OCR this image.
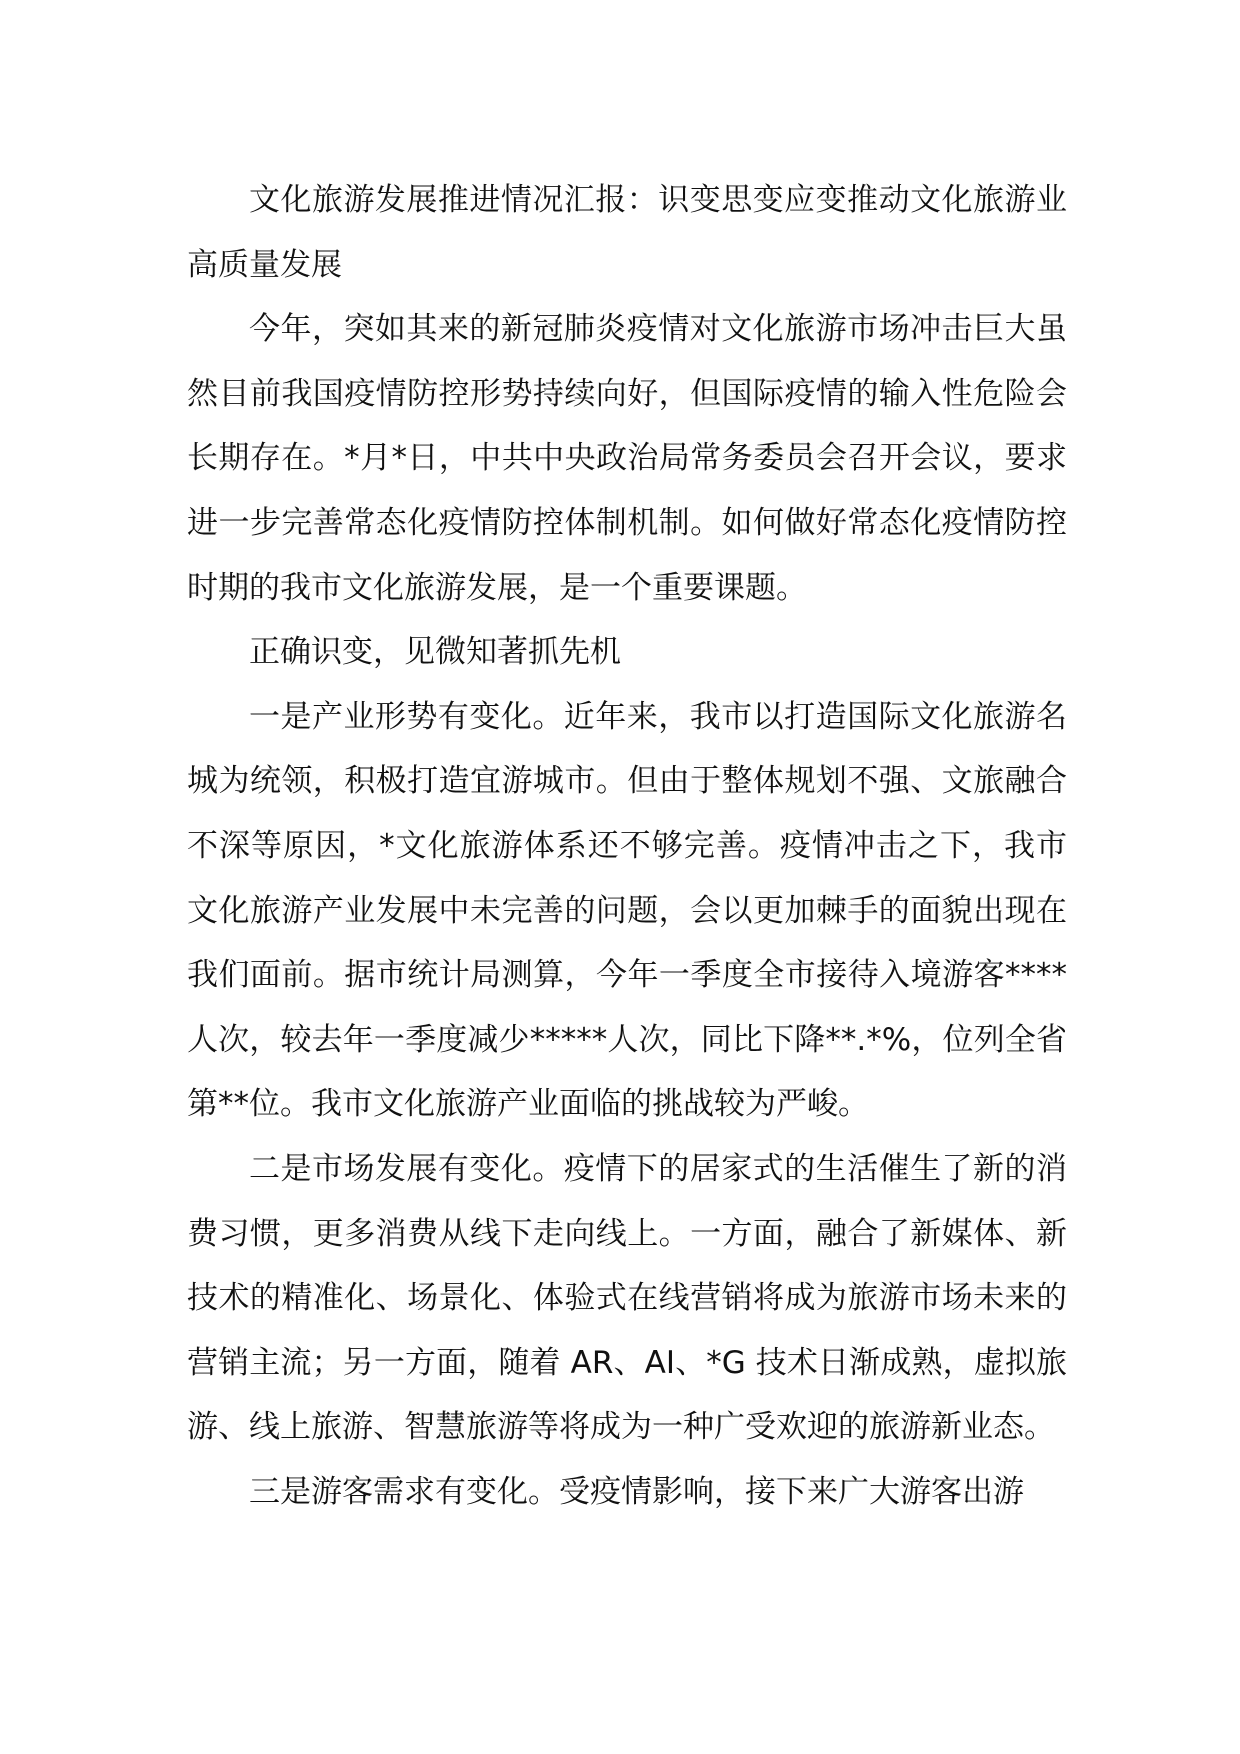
文化旅游发展推进情况汇报：识变思变应变推动文化旅游业高质量发展

今年，突如其来的新冠肺炎疫情对文化旅游市场冲击巨大虽然目前我国疫情防控形势持续向好，但国际疫情的输入性危险会长期存在。*月*日，中共中央政治局常务委员会召开会议，要求进一步完善常态化疫情防控体制机制。如何做好常态化疫情防控时期的我市文化旅游发展，是一个重要课题。

正确识变，见微知著抓先机

一是产业形势有变化。近年来，我市以打造国际文化旅游名城为统领，积极打造宜游城市。但由于整体规划不强、文旅融合不深等原因，*文化旅游体系还不够完善。疫情冲击之下，我市文化旅游产业发展中未完善的问题，会以更加棘手的面貌出现在我们面前。据市统计局测算，今年一季度全市接待入境游客****人次，较去年一季度减少*****人次，同比下降**.*%，位列全省第**位。我市文化旅游产业面临的挑战较为严峻。

二是市场发展有变化。疫情下的居家式的生活催生了新的消费习惯，更多消费从线下走向线上。一方面，融合了新媒体、新技术的精准化、场景化、体验式在线营销将成为旅游市场未来的营销主流；另一方面，随着 AR、AI、*G 技术日渐成熟，虚拟旅游、线上旅游、智慧旅游等将成为一种广受欢迎的旅游新业态。

三是游客需求有变化。受疫情影响，接下来广大游客出游
